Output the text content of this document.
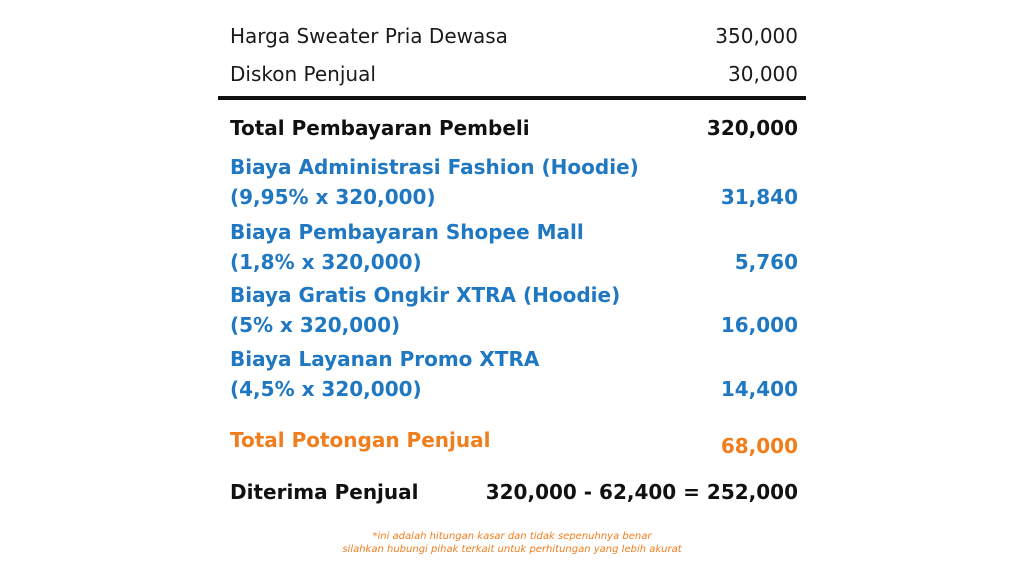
Harga Sweater Pria Dewasa	350,000
Diskon Penjual	30,000
Total Pembayaran Pembeli	320,000
Biaya Administrasi Fashion (Hoodie)
(9,95% x 320,000)	31,840
Biaya Pembayaran Shopee Mall
(1,8% x 320,000)	5,760
Biaya Gratis Ongkir XTRA (Hoodie)
(5% x 320,000)	16,000
Biaya Layanan Promo XTRA
(4,5% x 320,000)	14,400
Total Potongan Penjual	68,000
Diterima Penjual	320,000 - 62,400 = 252,000
*ini adalah hitungan kasar dan tidak sepenuhnya benar
silahkan hubungi pihak terkait untuk perhitungan yang lebih akurat
